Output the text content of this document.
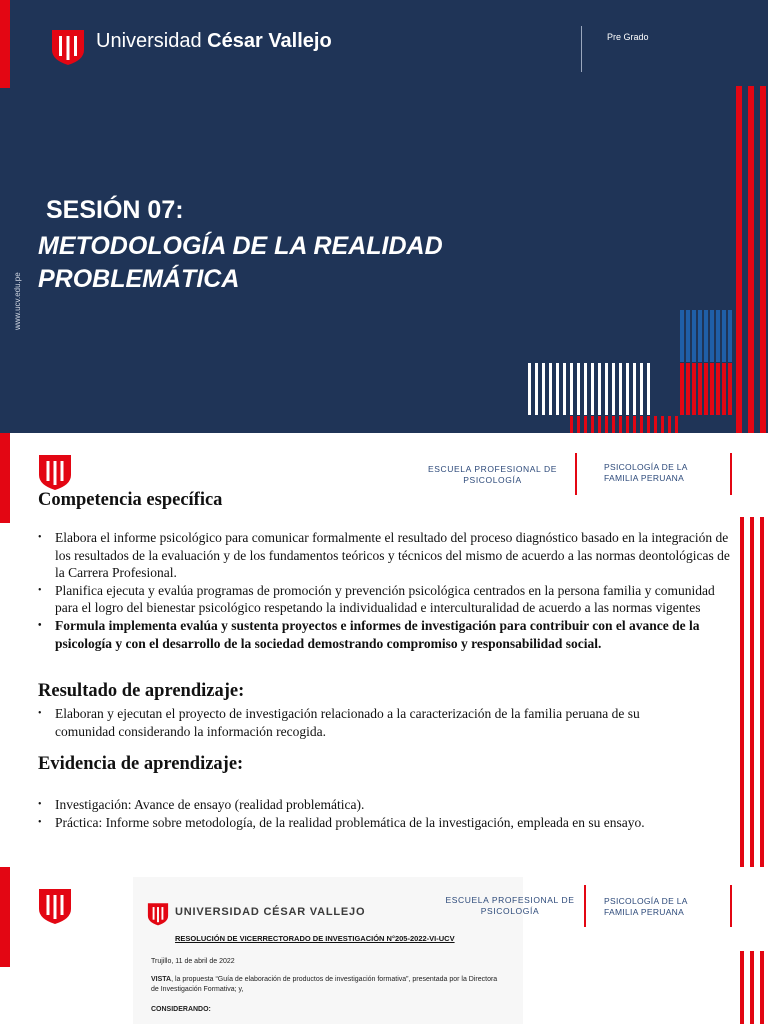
Universidad César Vallejo	Pre Grado
www.ucv.edu.pe
SESIÓN 07:
METODOLOGÍA DE LA REALIDAD PROBLEMÁTICA
ESCUELA PROFESIONAL DE PSICOLOGÍA
PSICOLOGÍA DE LA FAMILIA PERUANA
Competencia específica
• Elabora el informe psicológico para comunicar formalmente el resultado del proceso diagnóstico basado en la integración de los resultados de la evaluación y de los fundamentos teóricos y técnicos del mismo de acuerdo a las normas deontológicas de la Carrera Profesional.
• Planifica ejecuta y evalúa programas de promoción y prevención psicológica centrados en la persona familia y comunidad para el logro del bienestar psicológico respetando la individualidad e interculturalidad de acuerdo a las normas vigentes
• Formula implementa evalúa y sustenta proyectos e informes de investigación para contribuir con el avance de la psicología y con el desarrollo de la sociedad demostrando compromiso y responsabilidad social.
Resultado de aprendizaje:
• Elaboran y ejecutan el proyecto de investigación relacionado a la caracterización de la familia peruana de su comunidad considerando la información recogida.
Evidencia de aprendizaje:
• Investigación: Avance de ensayo (realidad problemática).
• Práctica: Informe sobre metodología, de la realidad problemática de la investigación, empleada en su ensayo.
UNIVERSIDAD CÉSAR VALLEJO
RESOLUCIÓN DE VICERRECTORADO DE INVESTIGACIÓN N°205-2022-VI-UCV
Trujillo, 11 de abril de 2022
VISTA, la propuesta “Guía de elaboración de productos de investigación formativa”, presentada por la Directora de Investigación Formativa; y,
CONSIDERANDO:
ESCUELA PROFESIONAL DE PSICOLOGÍA
PSICOLOGÍA DE LA FAMILIA PERUANA
